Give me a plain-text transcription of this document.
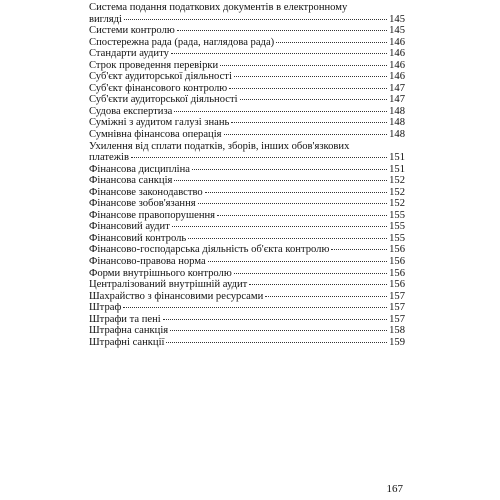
Система подання податкових документів в електронному
вигляді	145
Системи контролю	145
Спостережна рада (рада, наглядова рада)	146
Стандарти аудиту	146
Строк проведення перевірки	146
Суб'єкт аудиторської діяльності	146
Суб'єкт фінансового контролю	147
Суб'єкти аудиторської діяльності	147
Судова експертиза	148
Суміжні з аудитом галузі знань	148
Сумнівна фінансова операція	148
Ухилення від сплати податків, зборів, інших обов'язкових
платежів	151
Фінансова дисципліна	151
Фінансова санкція	152
Фінансове законодавство	152
Фінансове зобов'язання	152
Фінансове правопорушення	155
Фінансовий аудит	155
Фінансовий контроль	155
Фінансово-господарська діяльність об'єкта контролю	156
Фінансово-правова норма	156
Форми внутрішнього контролю	156
Централізований внутрішній аудит	156
Шахрайство з фінансовими ресурсами	157
Штраф	157
Штрафи та пені	157
Штрафна санкція	158
Штрафні санкції	159
167
